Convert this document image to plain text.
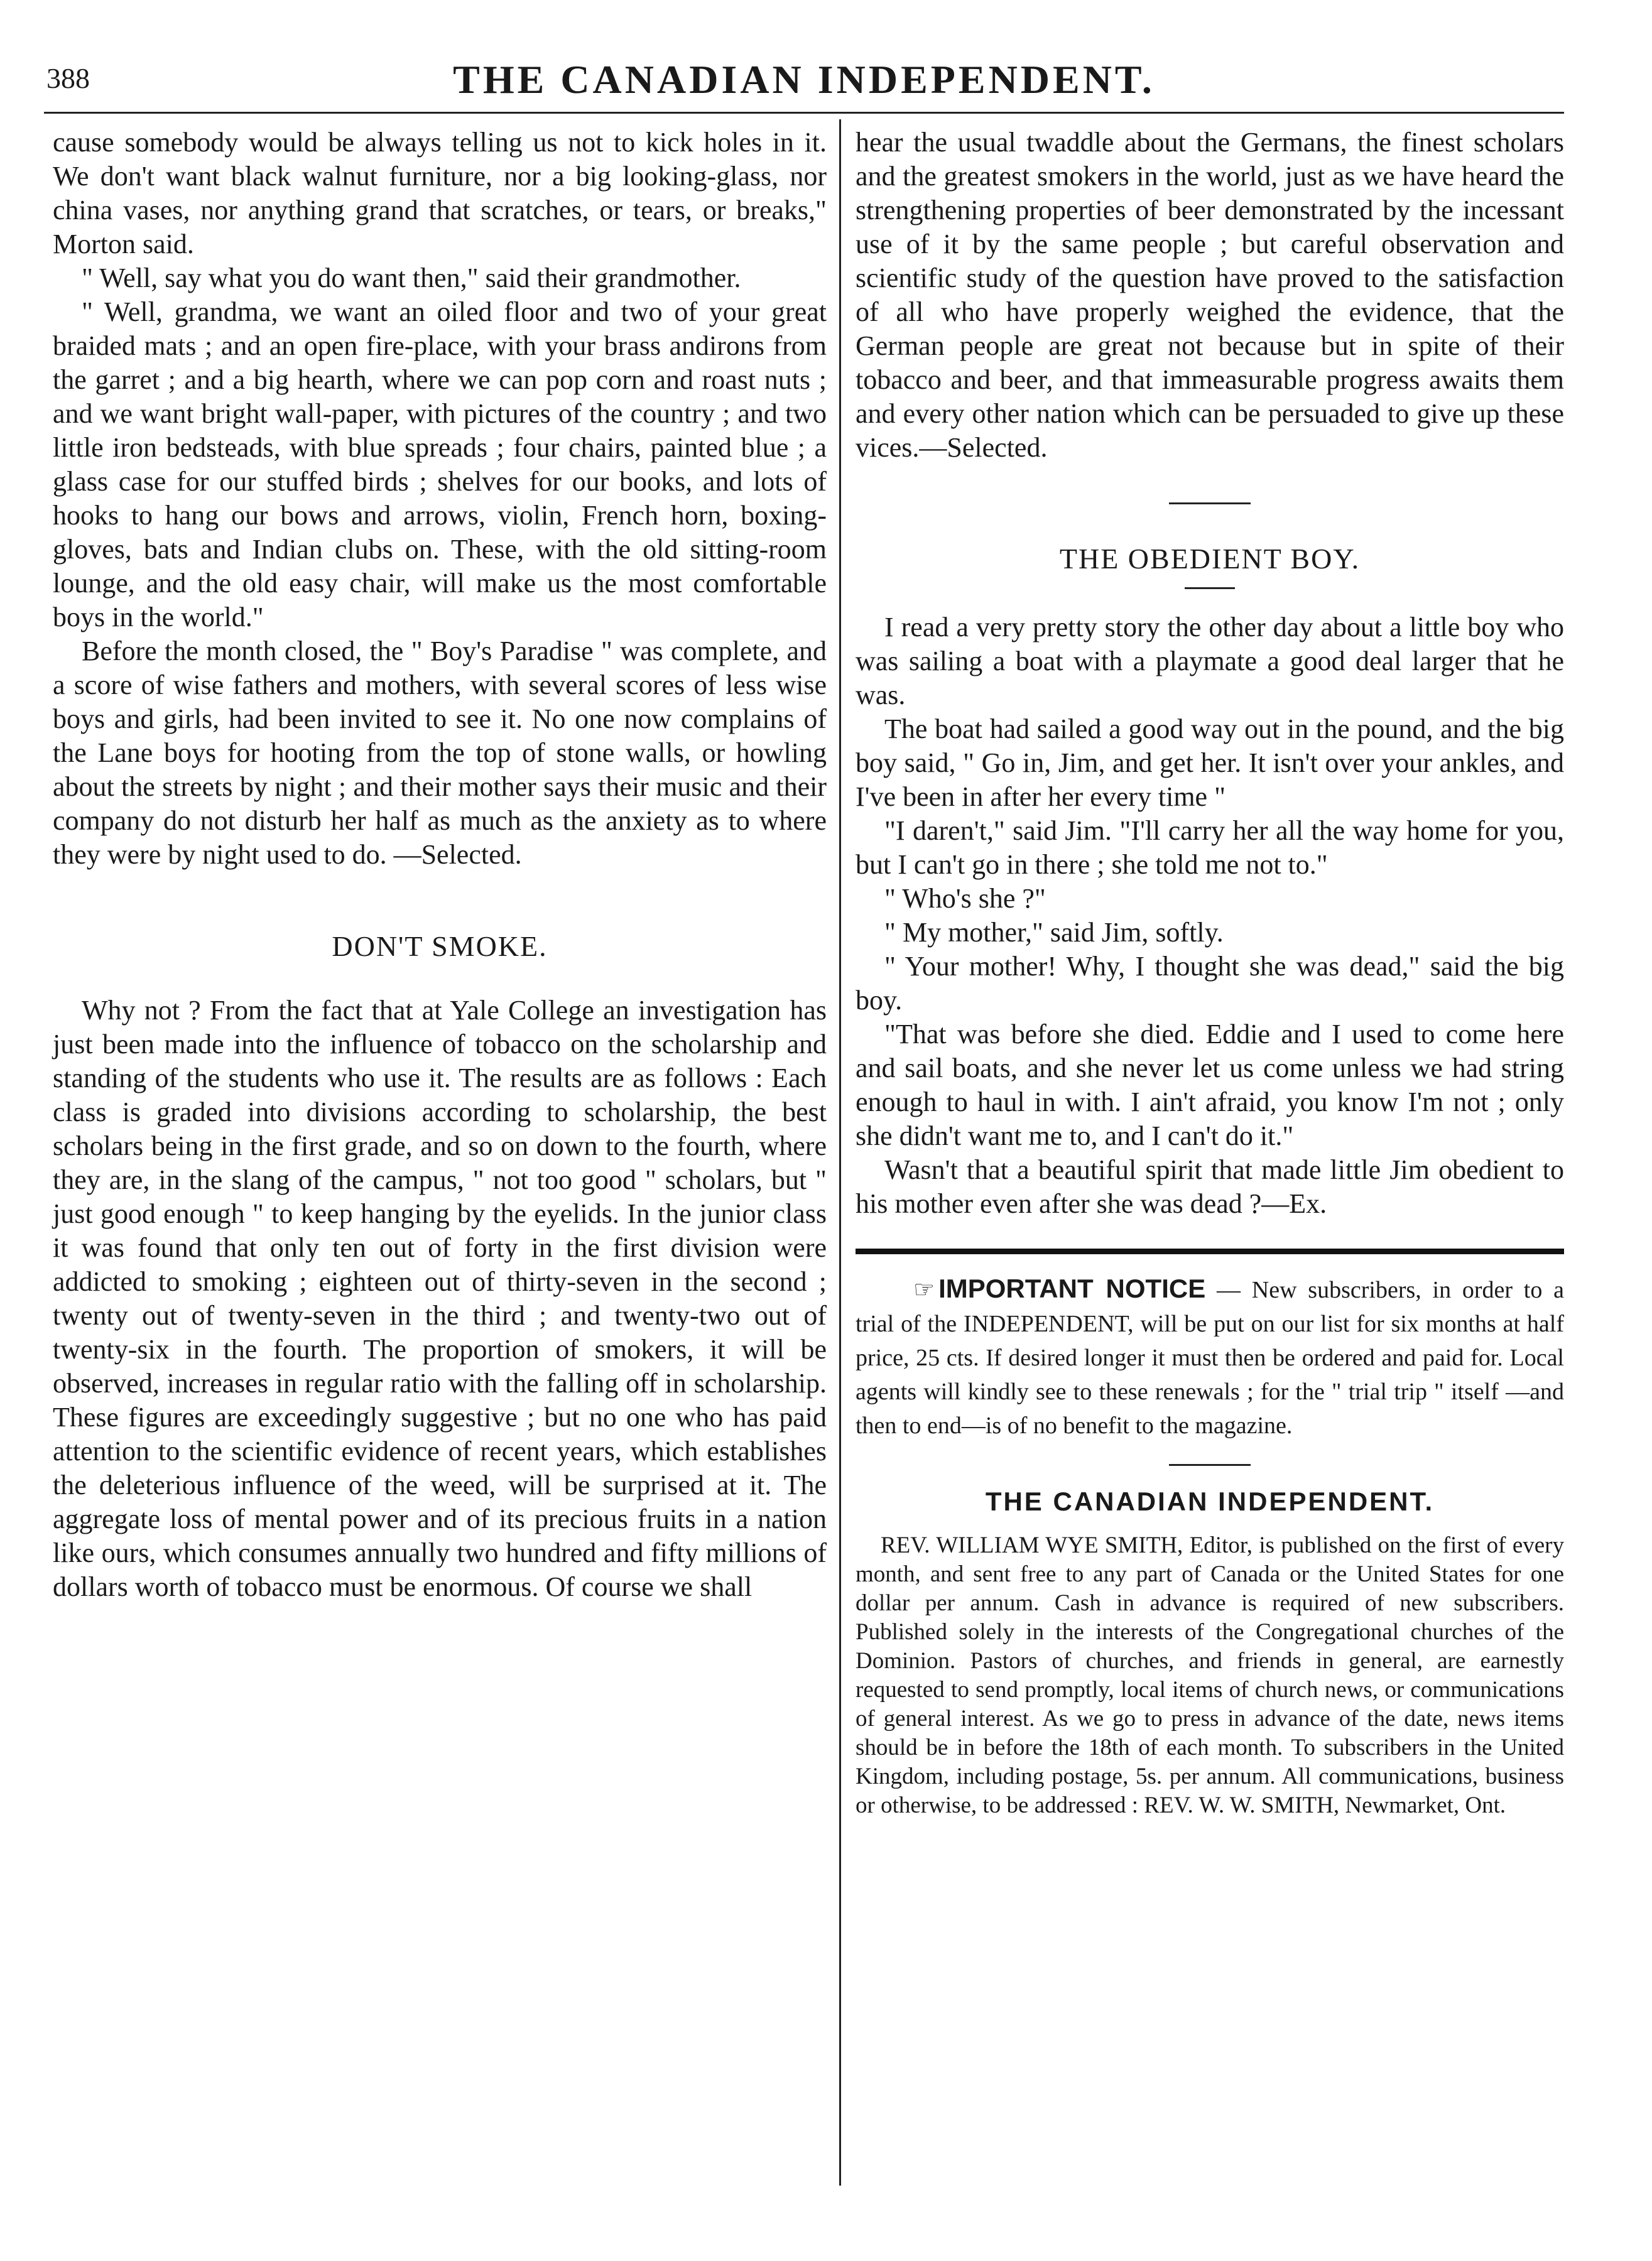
388	THE CANADIAN INDEPENDENT.

cause somebody would be always telling us not to kick holes in it. We don't want black walnut furniture, nor a big looking-glass, nor china vases, nor anything grand that scratches, or tears, or breaks," Morton said.

" Well, say what you do want then," said their grandmother.

" Well, grandma, we want an oiled floor and two of your great braided mats ; and an open fire-place, with your brass andirons from the garret ; and a big hearth, where we can pop corn and roast nuts ; and we want bright wall-paper, with pictures of the country ; and two little iron bedsteads, with blue spreads ; four chairs, painted blue ; a glass case for our stuffed birds ; shelves for our books, and lots of hooks to hang our bows and arrows, violin, French horn, boxing-gloves, bats and Indian clubs on. These, with the old sitting-room lounge, and the old easy chair, will make us the most comfortable boys in the world."

Before the month closed, the " Boy's Paradise " was complete, and a score of wise fathers and mothers, with several scores of less wise boys and girls, had been invited to see it. No one now complains of the Lane boys for hooting from the top of stone walls, or howling about the streets by night ; and their mother says their music and their company do not disturb her half as much as the anxiety as to where they were by night used to do. —Selected.

DON'T SMOKE.

Why not ? From the fact that at Yale College an investigation has just been made into the influence of tobacco on the scholarship and standing of the students who use it. The results are as follows : Each class is graded into divisions according to scholarship, the best scholars being in the first grade, and so on down to the fourth, where they are, in the slang of the campus, " not too good " scholars, but " just good enough " to keep hanging by the eyelids. In the junior class it was found that only ten out of forty in the first division were addicted to smoking ; eighteen out of thirty-seven in the second ; twenty out of twenty-seven in the third ; and twenty-two out of twenty-six in the fourth. The proportion of smokers, it will be observed, increases in regular ratio with the falling off in scholarship. These figures are exceedingly suggestive ; but no one who has paid attention to the scientific evidence of recent years, which establishes the deleterious influence of the weed, will be surprised at it. The aggregate loss of mental power and of its precious fruits in a nation like ours, which consumes annually two hundred and fifty millions of dollars worth of tobacco must be enormous. Of course we shall

hear the usual twaddle about the Germans, the finest scholars and the greatest smokers in the world, just as we have heard the strengthening properties of beer demonstrated by the incessant use of it by the same people ; but careful observation and scientific study of the question have proved to the satisfaction of all who have properly weighed the evidence, that the German people are great not because but in spite of their tobacco and beer, and that immeasurable progress awaits them and every other nation which can be persuaded to give up these vices.—Selected.

THE OBEDIENT BOY.

I read a very pretty story the other day about a little boy who was sailing a boat with a playmate a good deal larger that he was.

The boat had sailed a good way out in the pound, and the big boy said, " Go in, Jim, and get her. It isn't over your ankles, and I've been in after her every time "

"I daren't," said Jim. "I'll carry her all the way home for you, but I can't go in there ; she told me not to."

" Who's she ?"

" My mother," said Jim, softly.

" Your mother! Why, I thought she was dead," said the big boy.

"That was before she died. Eddie and I used to come here and sail boats, and she never let us come unless we had string enough to haul in with. I ain't afraid, you know I'm not ; only she didn't want me to, and I can't do it."

Wasn't that a beautiful spirit that made little Jim obedient to his mother even after she was dead ?—Ex.

☞ IMPORTANT NOTICE — New subscribers, in order to a trial of the INDEPENDENT, will be put on our list for six months at half price, 25 cts. If desired longer it must then be ordered and paid for. Local agents will kindly see to these renewals ; for the " trial trip " itself —and then to end—is of no benefit to the magazine.

THE CANADIAN INDEPENDENT.

REV. WILLIAM WYE SMITH, Editor, is published on the first of every month, and sent free to any part of Canada or the United States for one dollar per annum. Cash in advance is required of new subscribers. Published solely in the interests of the Congregational churches of the Dominion. Pastors of churches, and friends in general, are earnestly requested to send promptly, local items of church news, or communications of general interest. As we go to press in advance of the date, news items should be in before the 18th of each month. To subscribers in the United Kingdom, including postage, 5s. per annum. All communications, business or otherwise, to be addressed : REV. W. W. SMITH, Newmarket, Ont.
